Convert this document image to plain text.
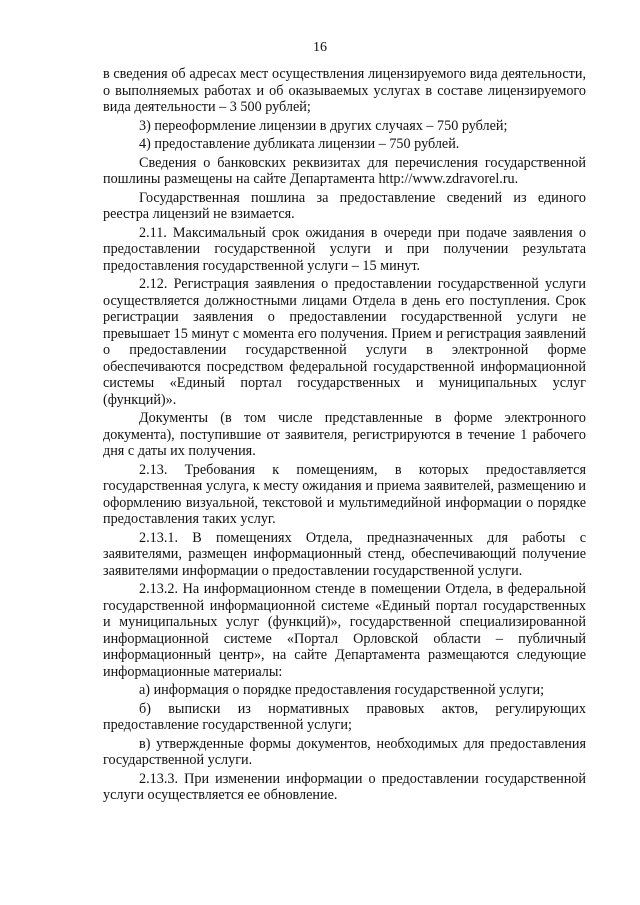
16

в сведения об адресах мест осуществления лицензируемого вида деятельности, о выполняемых работах и об оказываемых услугах в составе лицензируемого вида деятельности – 3 500 рублей;

3) переоформление лицензии в других случаях – 750 рублей;

4) предоставление дубликата лицензии – 750 рублей.

Сведения о банковских реквизитах для перечисления государственной пошлины размещены на сайте Департамента http://www.zdravorel.ru.

Государственная пошлина за предоставление сведений из единого реестра лицензий не взимается.

2.11. Максимальный срок ожидания в очереди при подаче заявления о предоставлении государственной услуги и при получении результата предоставления государственной услуги – 15 минут.

2.12. Регистрация заявления о предоставлении государственной услуги осуществляется должностными лицами Отдела в день его поступления. Срок регистрации заявления о предоставлении государственной услуги не превышает 15 минут с момента его получения. Прием и регистрация заявлений о предоставлении государственной услуги в электронной форме обеспечиваются посредством федеральной государственной информационной системы «Единый портал государственных и муниципальных услуг (функций)».

Документы (в том числе представленные в форме электронного документа), поступившие от заявителя, регистрируются в течение 1 рабочего дня с даты их получения.

2.13. Требования к помещениям, в которых предоставляется государственная услуга, к месту ожидания и приема заявителей, размещению и оформлению визуальной, текстовой и мультимедийной информации о порядке предоставления таких услуг.

2.13.1. В помещениях Отдела, предназначенных для работы с заявителями, размещен информационный стенд, обеспечивающий получение заявителями информации о предоставлении государственной услуги.

2.13.2. На информационном стенде в помещении Отдела, в федеральной государственной информационной системе «Единый портал государственных и муниципальных услуг (функций)», государственной специализированной информационной системе «Портал Орловской области – публичный информационный центр», на сайте Департамента размещаются следующие информационные материалы:

а) информация о порядке предоставления государственной услуги;

б) выписки из нормативных правовых актов, регулирующих предоставление государственной услуги;

в) утвержденные формы документов, необходимых для предоставления государственной услуги.

2.13.3. При изменении информации о предоставлении государственной услуги осуществляется ее обновление.
